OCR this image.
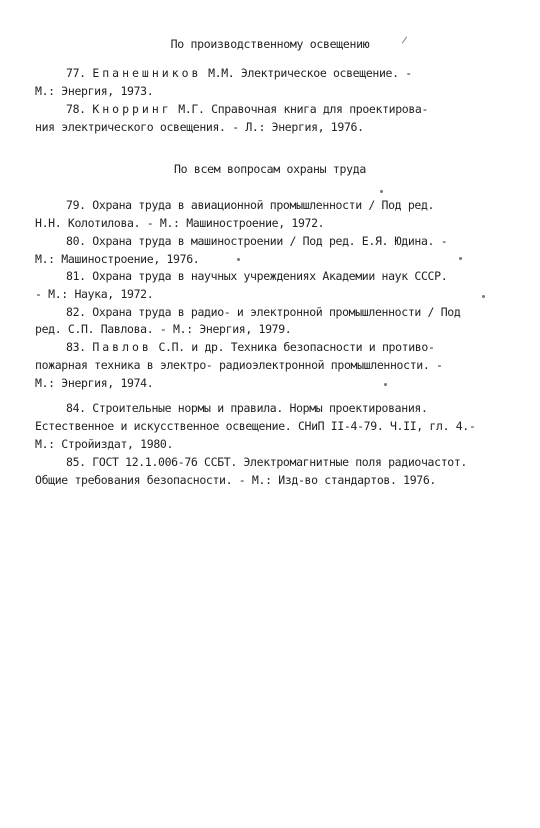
По производственному освещению
77. Епанешников М.М. Электрическое освещение. -
М.: Энергия, 1973.
78. Кнорринг М.Г. Справочная книга для проектирова-
ния электрического освещения. - Л.: Энергия, 1976.
По всем вопросам охраны труда
79. Охрана труда в авиационной промышленности / Под ред.
Н.Н. Колотилова. - М.: Машиностроение, 1972.
80. Охрана труда в машиностроении / Под ред. Е.Я. Юдина. -
М.: Машиностроение, 1976.
81. Охрана труда в научных учреждениях Академии наук СССР.
- М.: Наука, 1972.
82. Охрана труда в радио- и электронной промышленности / Под
ред. С.П. Павлова. - М.: Энергия, 1979.
83. Павлов С.П. и др. Техника безопасности и противо-
пожарная техника в электро- радиоэлектронной промышленности. -
М.: Энергия, 1974.
84. Строительные нормы и правила. Нормы проектирования.
Естественное и искусственное освещение. СНиП II-4-79. Ч.II, гл. 4.-
М.: Стройиздат, 1980.
85. ГОСТ 12.1.006-76 ССБТ. Электромагнитные поля радиочастот.
Общие требования безопасности. - М.: Изд-во стандартов. 1976.
